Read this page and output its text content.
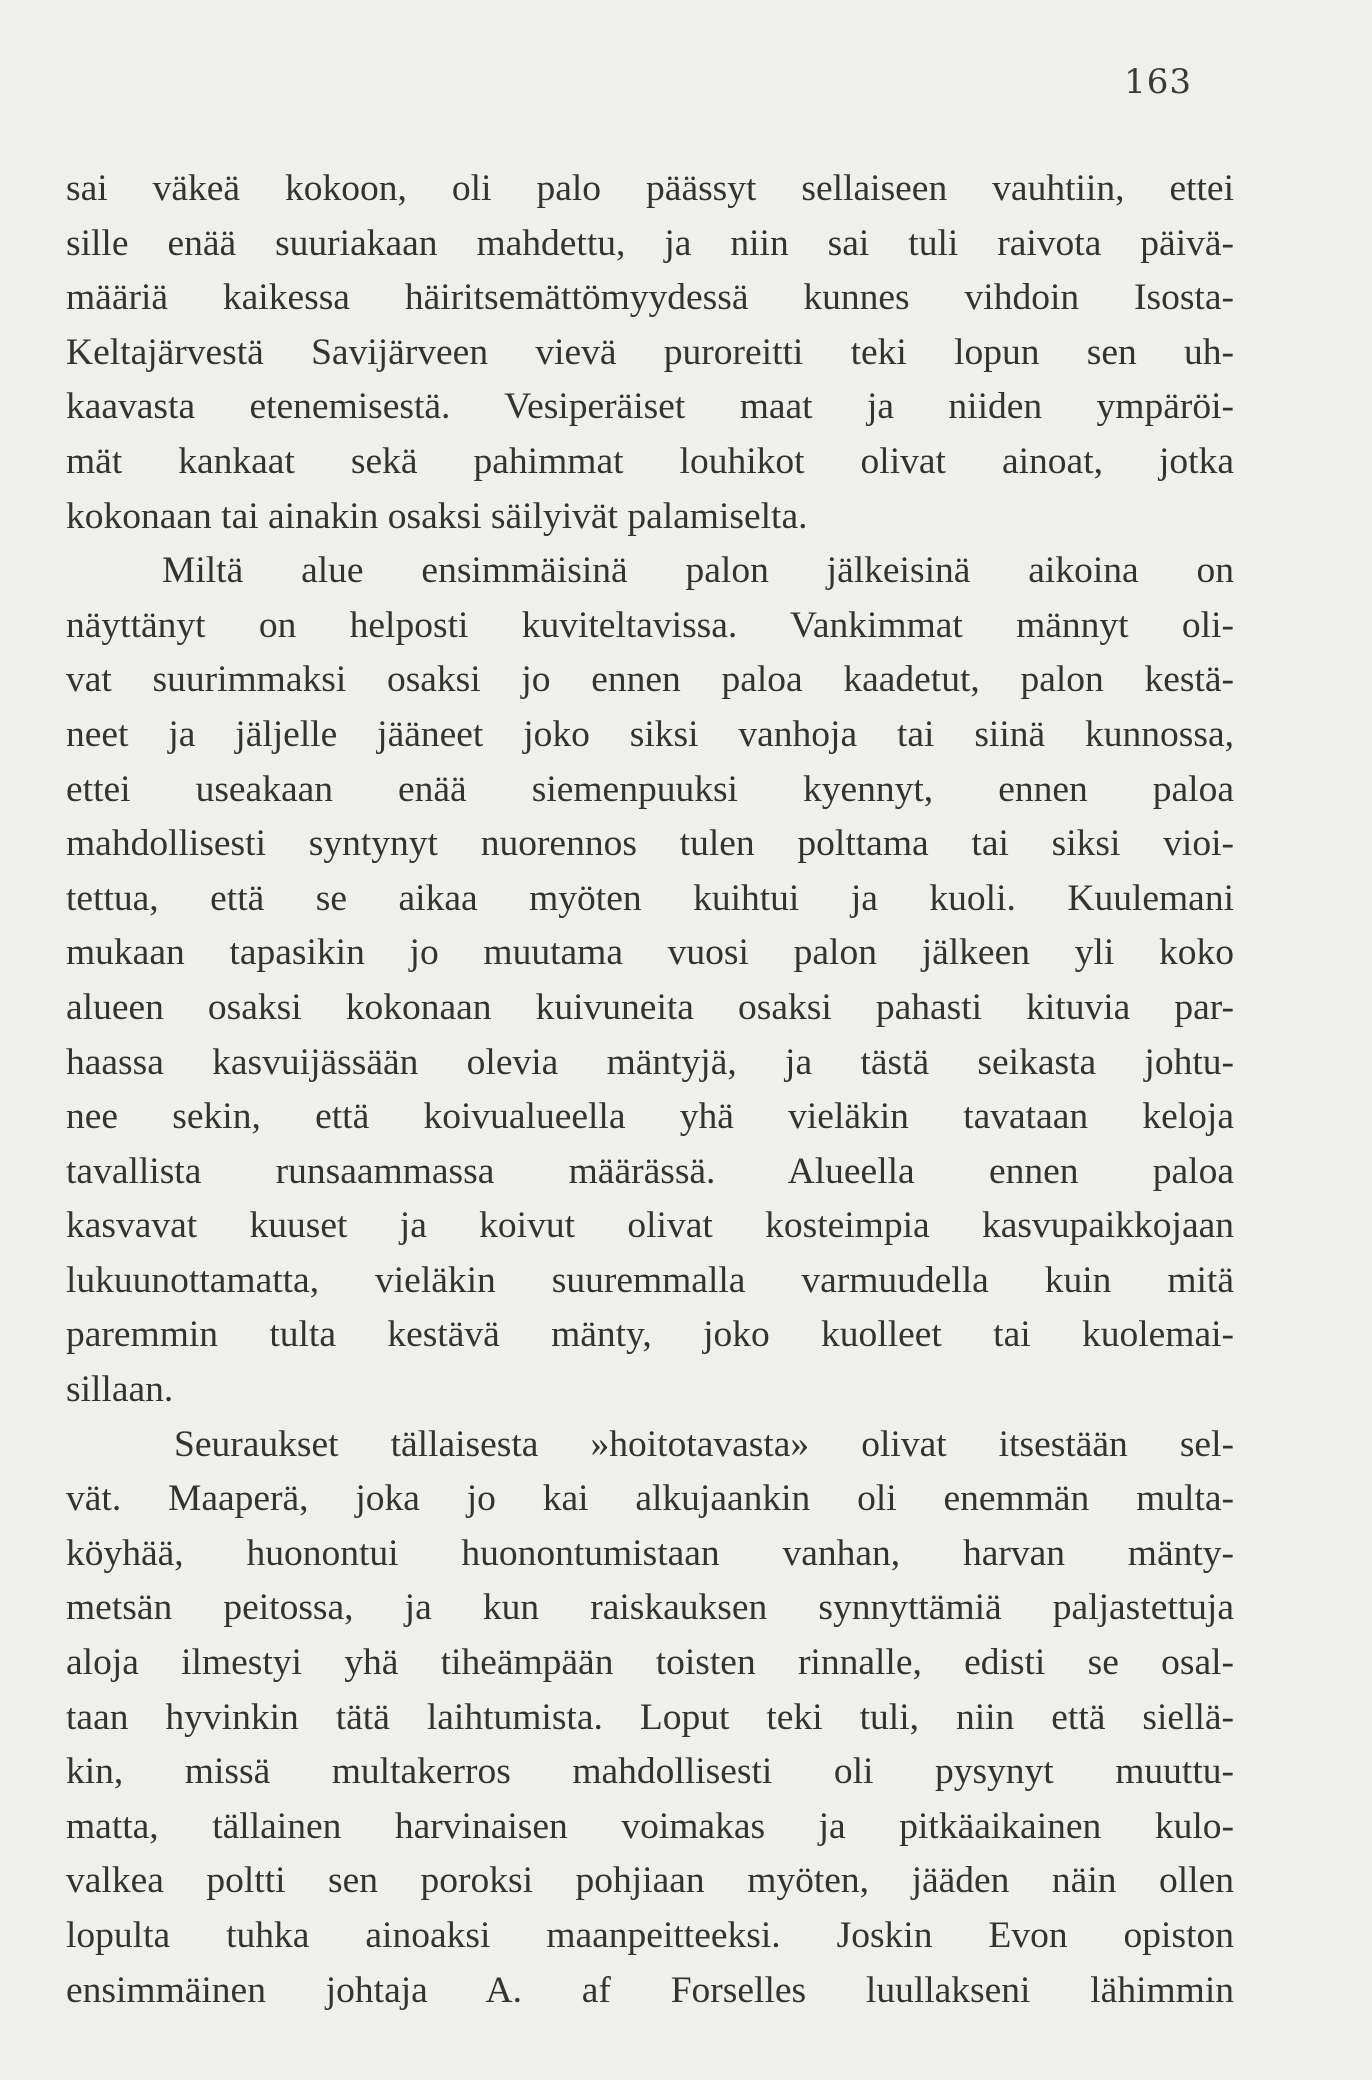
163
sai väkeä kokoon, oli palo päässyt sellaiseen vauhtiin, ettei
sille enää suuriakaan mahdettu, ja niin sai tuli raivota päivä-
määriä kaikessa häiritsemättömyydessä kunnes vihdoin Isosta-
Keltajärvestä Savijärveen vievä puroreitti teki lopun sen uh-
kaavasta etenemisestä. Vesiperäiset maat ja niiden ympäröi-
mät kankaat sekä pahimmat louhikot olivat ainoat, jotka
kokonaan tai ainakin osaksi säilyivät palamiselta.
Miltä alue ensimmäisinä palon jälkeisinä aikoina on
näyttänyt on helposti kuviteltavissa. Vankimmat männyt oli-
vat suurimmaksi osaksi jo ennen paloa kaadetut, palon kestä-
neet ja jäljelle jääneet joko siksi vanhoja tai siinä kunnossa,
ettei useakaan enää siemenpuuksi kyennyt, ennen paloa
mahdollisesti syntynyt nuorennos tulen polttama tai siksi vioi-
tettua, että se aikaa myöten kuihtui ja kuoli. Kuulemani
mukaan tapasikin jo muutama vuosi palon jälkeen yli koko
alueen osaksi kokonaan kuivuneita osaksi pahasti kituvia par-
haassa kasvuijässään olevia mäntyjä, ja tästä seikasta johtu-
nee sekin, että koivualueella yhä vieläkin tavataan keloja
tavallista runsaammassa määrässä. Alueella ennen paloa
kasvavat kuuset ja koivut olivat kosteimpia kasvupaikkojaan
lukuunottamatta, vieläkin suuremmalla varmuudella kuin mitä
paremmin tulta kestävä mänty, joko kuolleet tai kuolemai-
sillaan.
Seuraukset tällaisesta »hoitotavasta» olivat itsestään sel-
vät. Maaperä, joka jo kai alkujaankin oli enemmän multa-
köyhää, huonontui huonontumistaan vanhan, harvan mänty-
metsän peitossa, ja kun raiskauksen synnyttämiä paljastettuja
aloja ilmestyi yhä tiheämpään toisten rinnalle, edisti se osal-
taan hyvinkin tätä laihtumista. Loput teki tuli, niin että siellä-
kin, missä multakerros mahdollisesti oli pysynyt muuttu-
matta, tällainen harvinaisen voimakas ja pitkäaikainen kulo-
valkea poltti sen poroksi pohjiaan myöten, jääden näin ollen
lopulta tuhka ainoaksi maanpeitteeksi. Joskin Evon opiston
ensimmäinen johtaja A. af Forselles luullakseni lähimmin
